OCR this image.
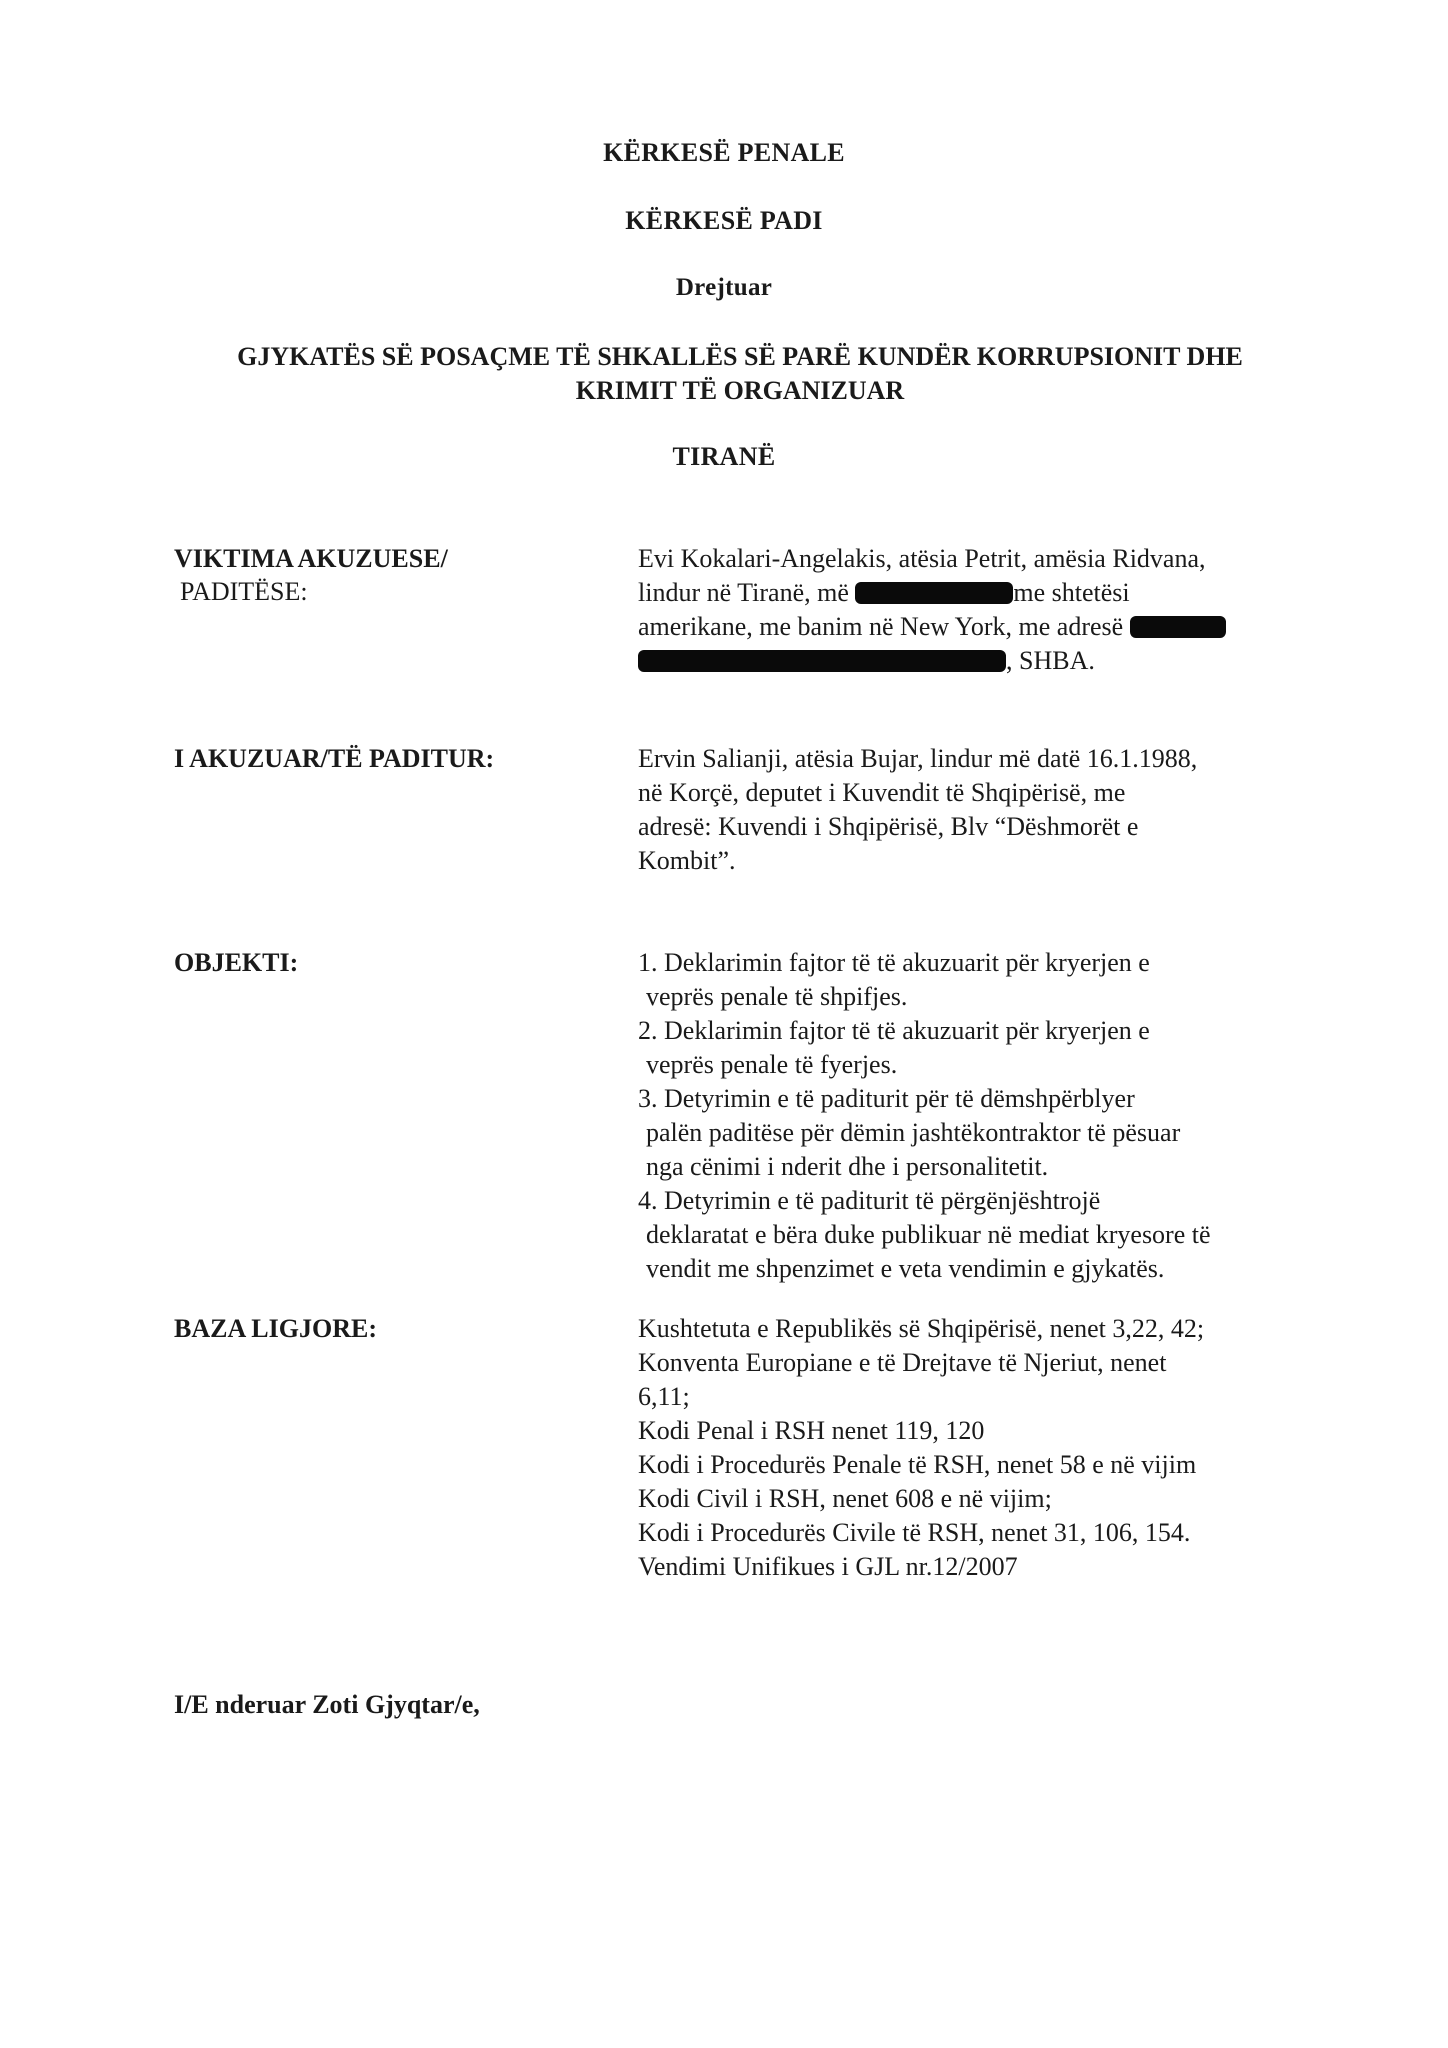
KËRKESË PENALE
KËRKESË PADI
Drejtuar
GJYKATËS SË POSAÇME TË SHKALLËS SË PARË KUNDËR KORRUPSIONIT DHE
KRIMIT TË ORGANIZUAR
TIRANË
VIKTIMA AKUZUESE/
PADITËSE:
Evi Kokalari-Angelakis, atësia Petrit, amësia Ridvana,
lindur në Tiranë, më	me shtetësi
amerikane, me banim në New York, me adresë
, SHBA.
I AKUZUAR/TË PADITUR:	Ervin Salianji, atësia Bujar, lindur më datë 16.1.1988,
në Korçë, deputet i Kuvendit të Shqipërisë, me
adresë: Kuvendi i Shqipërisë, Blv “Dëshmorët e
Kombit”.
OBJEKTI:	1. Deklarimin fajtor të të akuzuarit për kryerjen e
veprës penale të shpifjes.
2. Deklarimin fajtor të të akuzuarit për kryerjen e
veprës penale të fyerjes.
3. Detyrimin e të paditurit për të dëmshpërblyer
palën paditëse për dëmin jashtëkontraktor të pësuar
nga cënimi i nderit dhe i personalitetit.
4. Detyrimin e të paditurit të përgënjështrojë
deklaratat e bëra duke publikuar në mediat kryesore të
vendit me shpenzimet e veta vendimin e gjykatës.
BAZA LIGJORE:	Kushtetuta e Republikës së Shqipërisë, nenet 3,22, 42;
Konventa Europiane e të Drejtave të Njeriut, nenet
6,11;
Kodi Penal i RSH nenet 119, 120
Kodi i Procedurës Penale të RSH, nenet 58 e në vijim
Kodi Civil i RSH, nenet 608 e në vijim;
Kodi i Procedurës Civile të RSH, nenet 31, 106, 154.
Vendimi Unifikues i GJL nr.12/2007
I/E nderuar Zoti Gjyqtar/e,
